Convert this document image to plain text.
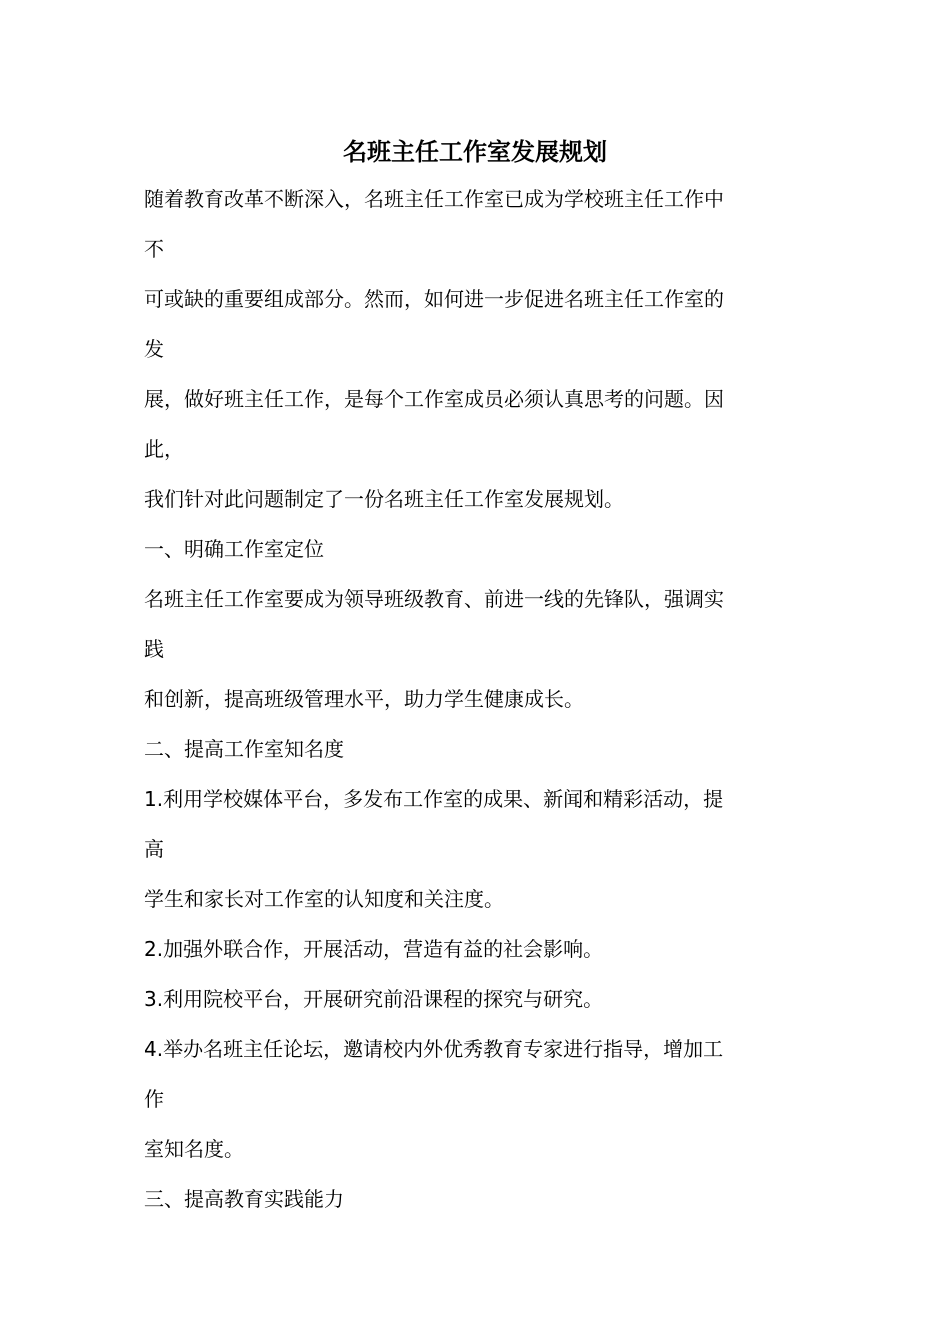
名班主任工作室发展规划
随着教育改革不断深入，名班主任工作室已成为学校班主任工作中
不
可或缺的重要组成部分。然而，如何进一步促进名班主任工作室的
发
展，做好班主任工作，是每个工作室成员必须认真思考的问题。因
此，
我们针对此问题制定了一份名班主任工作室发展规划。
一、明确工作室定位
名班主任工作室要成为领导班级教育、前进一线的先锋队，强调实
践
和创新，提高班级管理水平，助力学生健康成长。
二、提高工作室知名度
1.利用学校媒体平台，多发布工作室的成果、新闻和精彩活动，提
高
学生和家长对工作室的认知度和关注度。
2.加强外联合作，开展活动，营造有益的社会影响。
3.利用院校平台，开展研究前沿课程的探究与研究。
4.举办名班主任论坛，邀请校内外优秀教育专家进行指导，增加工
作
室知名度。
三、提高教育实践能力
